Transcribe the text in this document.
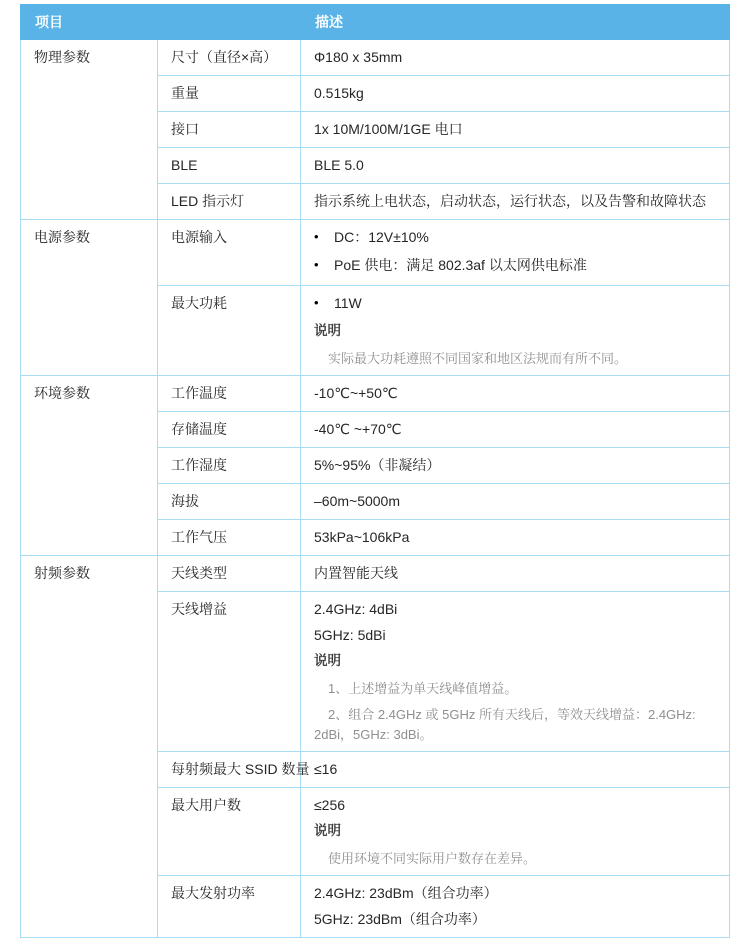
项目		描述
物理参数	尺寸（直径×高）	Φ180 x 35mm

	重量	0.515kg

	接口	1x 10M/100M/1GE 电口

	BLE	BLE 5.0

	LED 指示灯	指示系统上电状态，启动状态，运行状态，以及告警和故障状态

电源参数	电源输入	• DC：12V±10%
• PoE 供电：满足 802.3af 以太网供电标准

	最大功耗	• 11W
说明
实际最大功耗遵照不同国家和地区法规而有所不同。

环境参数	工作温度	-10℃~+50℃

	存储温度	-40℃ ~+70℃

	工作湿度	5%~95%（非凝结）

	海拔	–60m~5000m

	工作气压	53kPa~106kPa

射频参数	天线类型	内置智能天线

	天线增益	2.4GHz: 4dBi
5GHz: 5dBi
说明
1、上述增益为单天线峰值增益。
2、组合 2.4GHz 或 5GHz 所有天线后，等效天线增益：2.4GHz: 2dBi，5GHz: 3dBi。

	每射频最大 SSID 数量	≤16

	最大用户数	≤256
说明
使用环境不同实际用户数存在差异。

	最大发射功率	2.4GHz: 23dBm（组合功率）
5GHz: 23dBm（组合功率）
